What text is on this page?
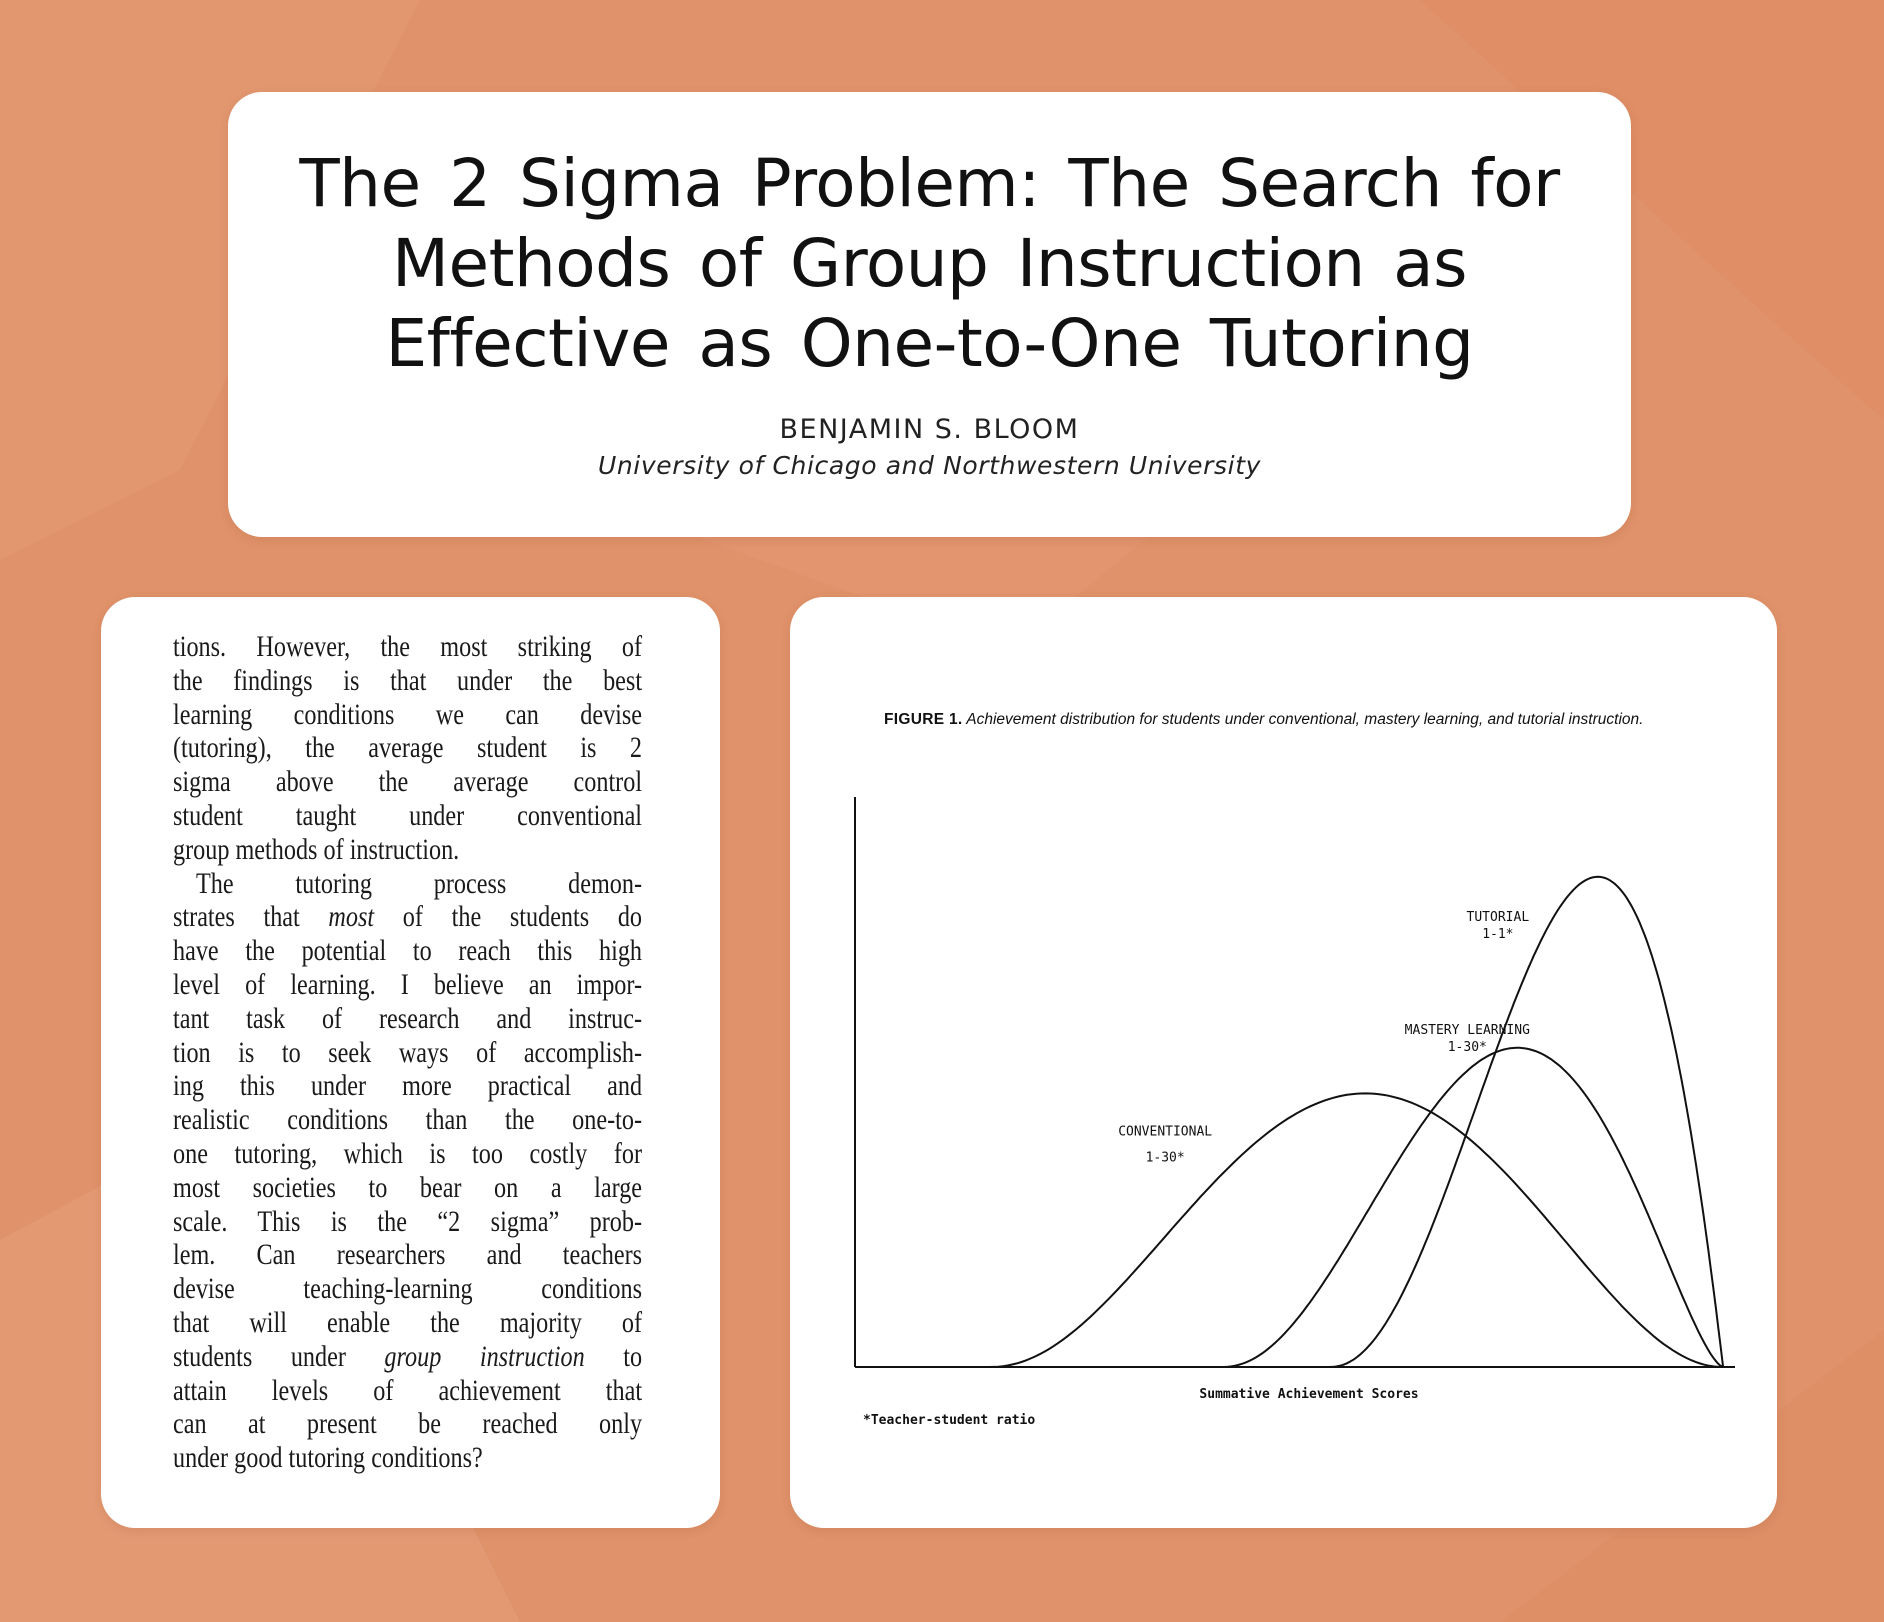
The 2 Sigma Problem: The Search for
Methods of Group Instruction as
Effective as One-to-One Tutoring
BENJAMIN S. BLOOM
University of Chicago and Northwestern University
tions. However, the most striking of
the findings is that under the best
learning conditions we can devise
(tutoring), the average student is 2
sigma above the average control
student taught under conventional
group methods of instruction.
The tutoring process demon-
strates that most of the students do
have the potential to reach this high
level of learning. I believe an impor-
tant task of research and instruc-
tion is to seek ways of accomplish-
ing this under more practical and
realistic conditions than the one-to-
one tutoring, which is too costly for
most societies to bear on a large
scale. This is the “2 sigma” prob-
lem. Can researchers and teachers
devise teaching-learning conditions
that will enable the majority of
students under group instruction to
attain levels of achievement that
can at present be reached only
under good tutoring conditions?
FIGURE 1. Achievement distribution for students under conventional, mastery learning, and tutorial instruction.
CONVENTIONAL
1-30*
MASTERY LEARNING
1-30*
TUTORIAL
1-1*
Summative Achievement Scores
*Teacher-student ratio
